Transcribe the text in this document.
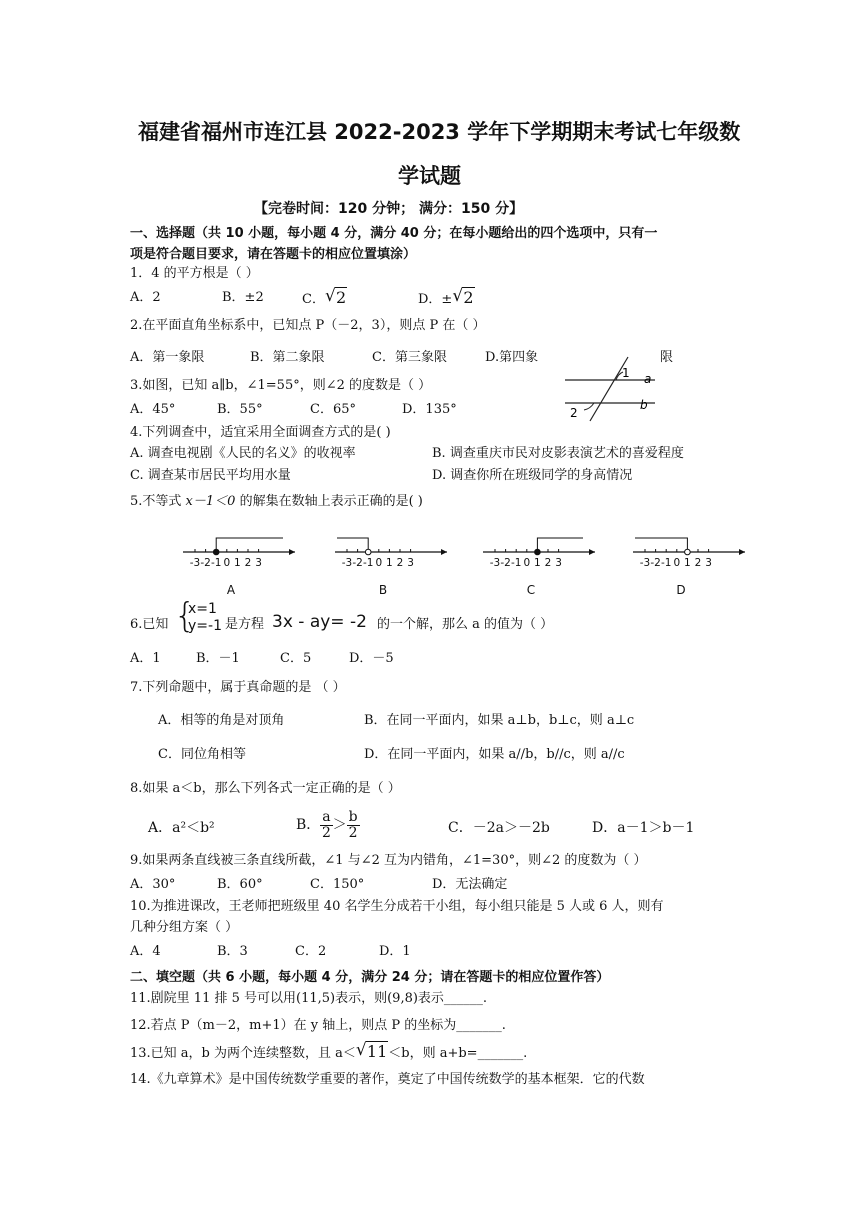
福建省福州市连江县 2022-2023 学年下学期期末考试七年级数
学试题
【完卷时间：120 分钟； 满分：150 分】
一、选择题（共 10 小题，每小题 4 分，满分 40 分；在每小题给出的四个选项中，只有一
项是符合题目要求，请在答题卡的相应位置填涂）
1．4 的平方根是（ ）
A．2	B．±2	C． √ 2	D．± √ 2
2.在平面直角坐标系中，已知点 P（－2，3），则点 P 在（ ）
A．第一象限	B．第二象限	C．第三象限	D.第四象	限
3.如图，已知 a∥b，∠1=55°，则∠2 的度数是（ ）
A．45°	B．55°	C．65°	D．135°
a
b
1
2
4.下列调查中，适宜采用全面调查方式的是( )
A. 调查电视剧《人民的名义》的收视率	B. 调查重庆市民对皮影表演艺术的喜爱程度
C. 调查某市居民平均用水量	D. 调查你所在班级同学的身高情况
5.不等式 x－1＜0 的解集在数轴上表示正确的是( )
-3 -2 -1 0 1 2 3
A
-3 -2 -1 0 1 2 3
B
-3 -2 -1 0 1 2 3
C
-3 -2 -1 0 1 2 3
D
6.已知 {
x=1
y=-1 是方程 3x - ay= -2 的一个解，那么 a 的值为（ ）
A．1	B．－1	C．5	D．－5
7.下列命题中，属于真命题的是 （ ）
A．相等的角是对顶角	B．在同一平面内，如果 a⊥b，b⊥c，则 a⊥c
C．同位角相等	D．在同一平面内，如果 a//b，b//c，则 a//c
8.如果 a＜b，那么下列各式一定正确的是（ ）
A．a²＜b²	B． $\frac{a}{2} > \frac{b}{2}$	C．－2a＞－2b	D．a－1＞b－1
9.如果两条直线被三条直线所截，∠1 与∠2 互为内错角，∠1=30°，则∠2 的度数为（ ）
A．30°	B．60°	C．150°	D．无法确定
10.为推进课改，王老师把班级里 40 名学生分成若干小组，每小组只能是 5 人或 6 人，则有
几种分组方案（ ）
A．4	B．3	C．2	D．1
二、填空题（共 6 小题，每小题 4 分，满分 24 分；请在答题卡的相应位置作答）
11.剧院里 11 排 5 号可以用(11,5)表示，则(9,8)表示______.
12.若点 P（m－2，m+1）在 y 轴上，则点 P 的坐标为_______.
13.已知 a，b 为两个连续整数，且 a＜ √ 11＜b，则 a+b=_______.
14.《九章算术》是中国传统数学重要的著作，奠定了中国传统数学的基本框架．它的代数
